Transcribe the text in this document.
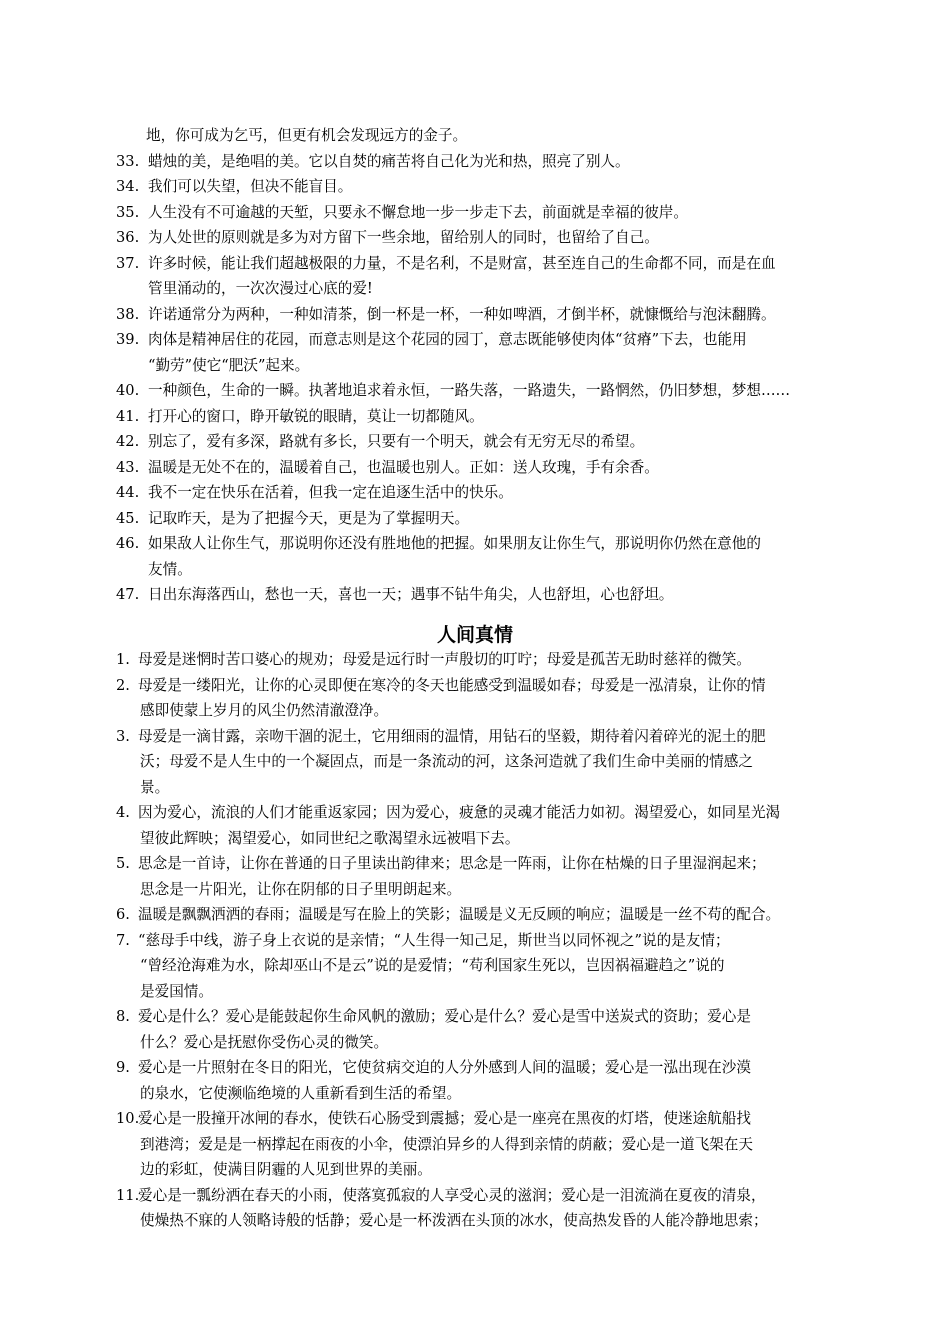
地，你可成为乞丐，但更有机会发现远方的金子。
33. 蜡烛的美，是绝唱的美。它以自焚的痛苦将自己化为光和热，照亮了别人。
34. 我们可以失望，但决不能盲目。
35. 人生没有不可逾越的天堑，只要永不懈怠地一步一步走下去，前面就是幸福的彼岸。
36. 为人处世的原则就是多为对方留下一些余地，留给别人的同时，也留给了自己。
37. 许多时候，能让我们超越极限的力量，不是名利，不是财富，甚至连自己的生命都不同，而是在血
管里涌动的，一次次漫过心底的爱!
38. 许诺通常分为两种，一种如清茶，倒一杯是一杯，一种如啤酒，才倒半杯，就慷慨给与泡沫翻腾。
39. 肉体是精神居住的花园，而意志则是这个花园的园丁，意志既能够使肉体“贫瘠”下去，也能用
“勤劳”使它“肥沃”起来。
40. 一种颜色，生命的一瞬。执著地追求着永恒，一路失落，一路遗失，一路惘然，仍旧梦想，梦想……
41. 打开心的窗口，睁开敏锐的眼睛，莫让一切都随风。
42. 别忘了，爱有多深，路就有多长，只要有一个明天，就会有无穷无尽的希望。
43. 温暖是无处不在的，温暖着自己，也温暖也别人。正如：送人玫瑰，手有余香。
44. 我不一定在快乐在活着，但我一定在追逐生活中的快乐。
45. 记取昨天，是为了把握今天，更是为了掌握明天。
46. 如果敌人让你生气，那说明你还没有胜地他的把握。如果朋友让你生气，那说明你仍然在意他的
友情。
47. 日出东海落西山，愁也一天，喜也一天；遇事不钻牛角尖，人也舒坦，心也舒坦。
人间真情
1. 母爱是迷惘时苦口婆心的规劝；母爱是远行时一声殷切的叮咛；母爱是孤苦无助时慈祥的微笑。
2. 母爱是一缕阳光，让你的心灵即便在寒冷的冬天也能感受到温暖如春；母爱是一泓清泉，让你的情
感即使蒙上岁月的风尘仍然清澈澄净。
3. 母爱是一滴甘露，亲吻干涸的泥土，它用细雨的温情，用钻石的坚毅，期待着闪着碎光的泥土的肥
沃；母爱不是人生中的一个凝固点，而是一条流动的河，这条河造就了我们生命中美丽的情感之
景。
4. 因为爱心，流浪的人们才能重返家园；因为爱心，疲惫的灵魂才能活力如初。渴望爱心，如同星光渴
望彼此辉映；渴望爱心，如同世纪之歌渴望永远被唱下去。
5. 思念是一首诗，让你在普通的日子里读出韵律来；思念是一阵雨，让你在枯燥的日子里湿润起来；
思念是一片阳光，让你在阴郁的日子里明朗起来。
6. 温暖是飘飘洒洒的春雨；温暖是写在脸上的笑影；温暖是义无反顾的响应；温暖是一丝不苟的配合。
7. “慈母手中线，游子身上衣说的是亲情；“人生得一知己足，斯世当以同怀视之”说的是友情；
“曾经沧海难为水，除却巫山不是云”说的是爱情；“苟利国家生死以，岂因祸福避趋之”说的
是爱国情。
8. 爱心是什么？爱心是能鼓起你生命风帆的激励；爱心是什么？爱心是雪中送炭式的资助；爱心是
什么？爱心是抚慰你受伤心灵的微笑。
9. 爱心是一片照射在冬日的阳光，它使贫病交迫的人分外感到人间的温暖；爱心是一泓出现在沙漠
的泉水，它使濒临绝境的人重新看到生活的希望。
10.爱心是一股撞开冰闸的春水，使铁石心肠受到震撼；爱心是一座亮在黑夜的灯塔，使迷途航船找
到港湾；爱是是一柄撑起在雨夜的小伞，使漂泊异乡的人得到亲情的荫蔽；爱心是一道飞架在天
边的彩虹，使满目阴霾的人见到世界的美丽。
11.爱心是一瓢纷洒在春天的小雨，使落寞孤寂的人享受心灵的滋润；爱心是一泪流淌在夏夜的清泉，
使燥热不寐的人领略诗般的恬静；爱心是一杯泼洒在头顶的冰水，使高热发昏的人能冷静地思索；
